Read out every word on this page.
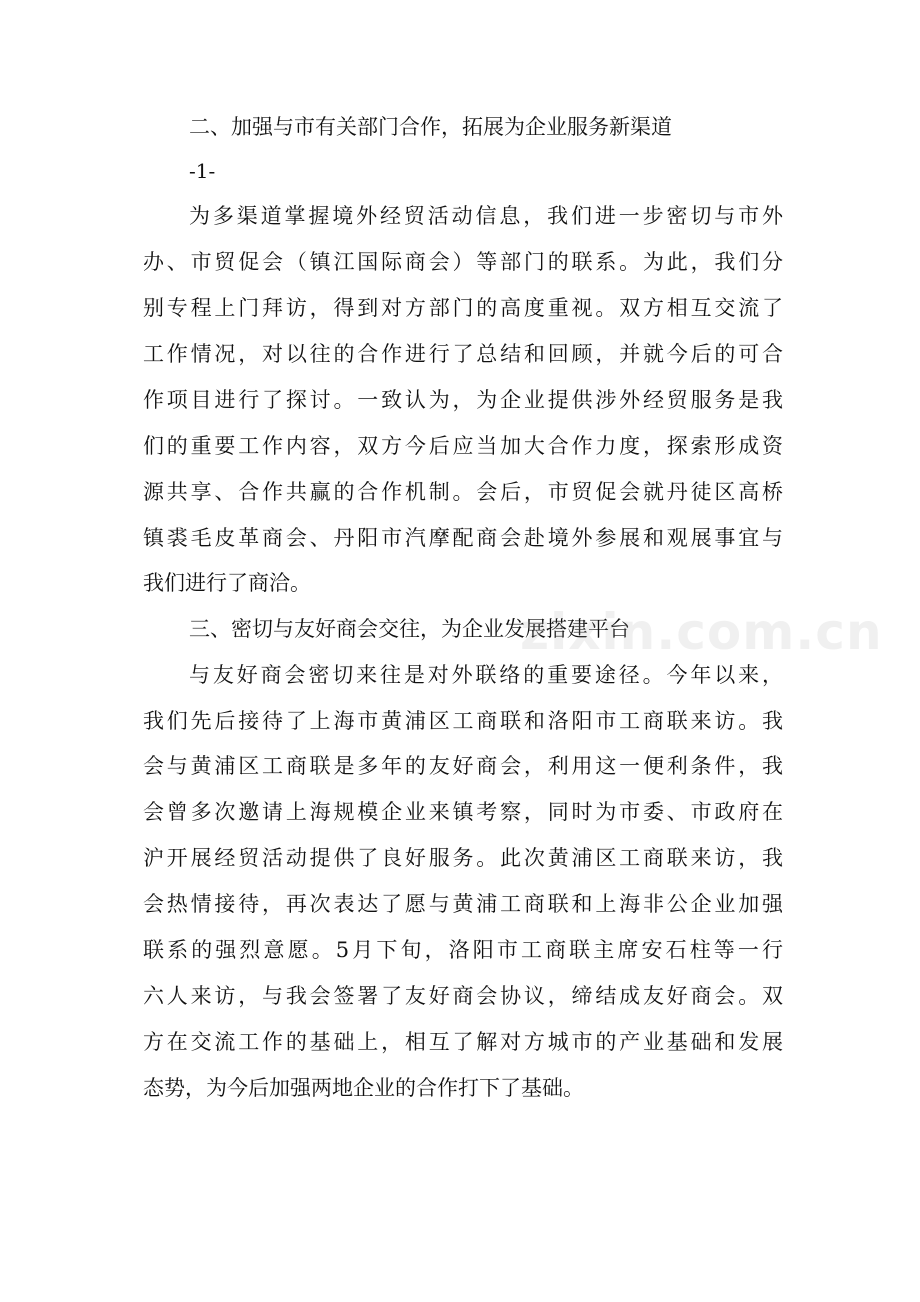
二、加强与市有关部门合作，拓展为企业服务新渠道
-1-
为多渠道掌握境外经贸活动信息，我们进一步密切与市外
办、市贸促会（镇江国际商会）等部门的联系。为此，我们分
别专程上门拜访，得到对方部门的高度重视。双方相互交流了
工作情况，对以往的合作进行了总结和回顾，并就今后的可合
作项目进行了探讨。一致认为，为企业提供涉外经贸服务是我
们的重要工作内容，双方今后应当加大合作力度，探索形成资
源共享、合作共赢的合作机制。会后，市贸促会就丹徒区高桥
镇裘毛皮革商会、丹阳市汽摩配商会赴境外参展和观展事宜与
我们进行了商洽。
三、密切与友好商会交往，为企业发展搭建平台
与友好商会密切来往是对外联络的重要途径。今年以来，
我们先后接待了上海市黄浦区工商联和洛阳市工商联来访。我
会与黄浦区工商联是多年的友好商会，利用这一便利条件，我
会曾多次邀请上海规模企业来镇考察，同时为市委、市政府在
沪开展经贸活动提供了良好服务。此次黄浦区工商联来访，我
会热情接待，再次表达了愿与黄浦工商联和上海非公企业加强
联系的强烈意愿。5月下旬，洛阳市工商联主席安石柱等一行
六人来访，与我会签署了友好商会协议，缔结成友好商会。双
方在交流工作的基础上，相互了解对方城市的产业基础和发展
态势，为今后加强两地企业的合作打下了基础。
zixin.com.cn
